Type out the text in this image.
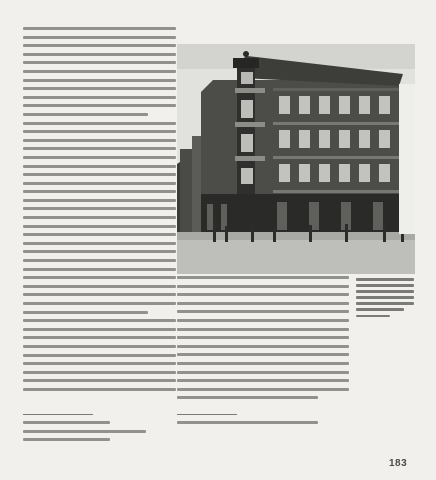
183
